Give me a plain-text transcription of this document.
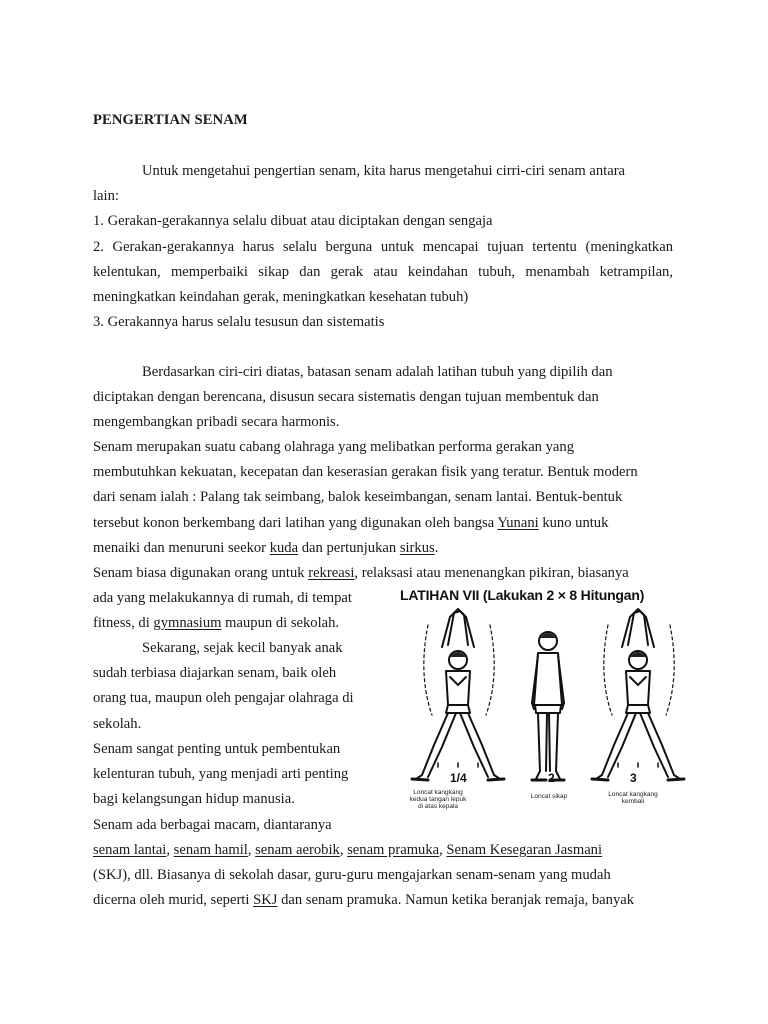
PENGERTIAN SENAM
Untuk mengetahui pengertian senam, kita harus mengetahui cirri-ciri senam antara
lain:
1. Gerakan-gerakannya selalu dibuat atau diciptakan dengan sengaja
2. Gerakan-gerakannya harus selalu berguna untuk mencapai tujuan tertentu (meningkatkan
kelentukan, memperbaiki sikap dan gerak atau keindahan tubuh, menambah ketrampilan,
meningkatkan keindahan gerak, meningkatkan kesehatan tubuh)
3. Gerakannya harus selalu tesusun dan sistematis
Berdasarkan ciri-ciri diatas, batasan senam adalah latihan tubuh yang dipilih dan
diciptakan dengan berencana, disusun secara sistematis dengan tujuan membentuk dan
mengembangkan pribadi secara harmonis.
Senam merupakan suatu cabang olahraga yang melibatkan performa gerakan yang
membutuhkan kekuatan, kecepatan dan keserasian gerakan fisik yang teratur. Bentuk modern
dari senam ialah : Palang tak seimbang, balok keseimbangan, senam lantai. Bentuk-bentuk
tersebut konon berkembang dari latihan yang digunakan oleh bangsa Yunani kuno untuk
menaiki dan menuruni seekor kuda dan pertunjukan sirkus.
Senam biasa digunakan orang untuk rekreasi, relaksasi atau menenangkan pikiran, biasanya
ada yang melakukannya di rumah, di tempat
fitness, di gymnasium maupun di sekolah.
Sekarang, sejak kecil banyak anak
sudah terbiasa diajarkan senam, baik oleh
orang tua, maupun oleh pengajar olahraga di
sekolah.
Senam sangat penting untuk pembentukan
kelenturan tubuh, yang menjadi arti penting
bagi kelangsungan hidup manusia.
Senam ada berbagai macam, diantaranya
senam lantai, senam hamil, senam aerobik, senam pramuka, Senam Kesegaran Jasmani
(SKJ), dll. Biasanya di sekolah dasar, guru-guru mengajarkan senam-senam yang mudah
dicerna oleh murid, seperti SKJ dan senam pramuka. Namun ketika beranjak remaja, banyak
LATIHAN VII (Lakukan 2 × 8 Hitungan)
1/4	2	3
Loncat kangkang
kedua tangan lepuk
di atas kepala
Loncat sikap	Loncat kangkang
kembali
